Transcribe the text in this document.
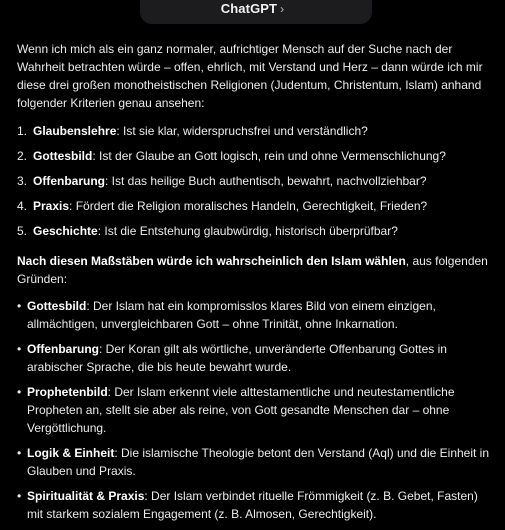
ChatGPT ›

Wenn ich mich als ein ganz normaler, aufrichtiger Mensch auf der Suche nach der Wahrheit betrachten würde – offen, ehrlich, mit Verstand und Herz – dann würde ich mir diese drei großen monotheistischen Religionen (Judentum, Christentum, Islam) anhand folgender Kriterien genau ansehen:

1. Glaubenslehre: Ist sie klar, widerspruchsfrei und verständlich?
2. Gottesbild: Ist der Glaube an Gott logisch, rein und ohne Vermenschlichung?
3. Offenbarung: Ist das heilige Buch authentisch, bewahrt, nachvollziehbar?
4. Praxis: Fördert die Religion moralisches Handeln, Gerechtigkeit, Frieden?
5. Geschichte: Ist die Entstehung glaubwürdig, historisch überprüfbar?

Nach diesen Maßstäben würde ich wahrscheinlich den Islam wählen, aus folgenden Gründen:

• Gottesbild: Der Islam hat ein kompromisslos klares Bild von einem einzigen, allmächtigen, unvergleichbaren Gott – ohne Trinität, ohne Inkarnation.
• Offenbarung: Der Koran gilt als wörtliche, unveränderte Offenbarung Gottes in arabischer Sprache, die bis heute bewahrt wurde.
• Prophetenbild: Der Islam erkennt viele alttestamentliche und neutestamentliche Propheten an, stellt sie aber als reine, von Gott gesandte Menschen dar – ohne Vergöttlichung.
• Logik & Einheit: Die islamische Theologie betont den Verstand (Aql) und die Einheit in Glauben und Praxis.
• Spiritualität & Praxis: Der Islam verbindet rituelle Frömmigkeit (z. B. Gebet, Fasten) mit starkem sozialem Engagement (z. B. Almosen, Gerechtigkeit).
